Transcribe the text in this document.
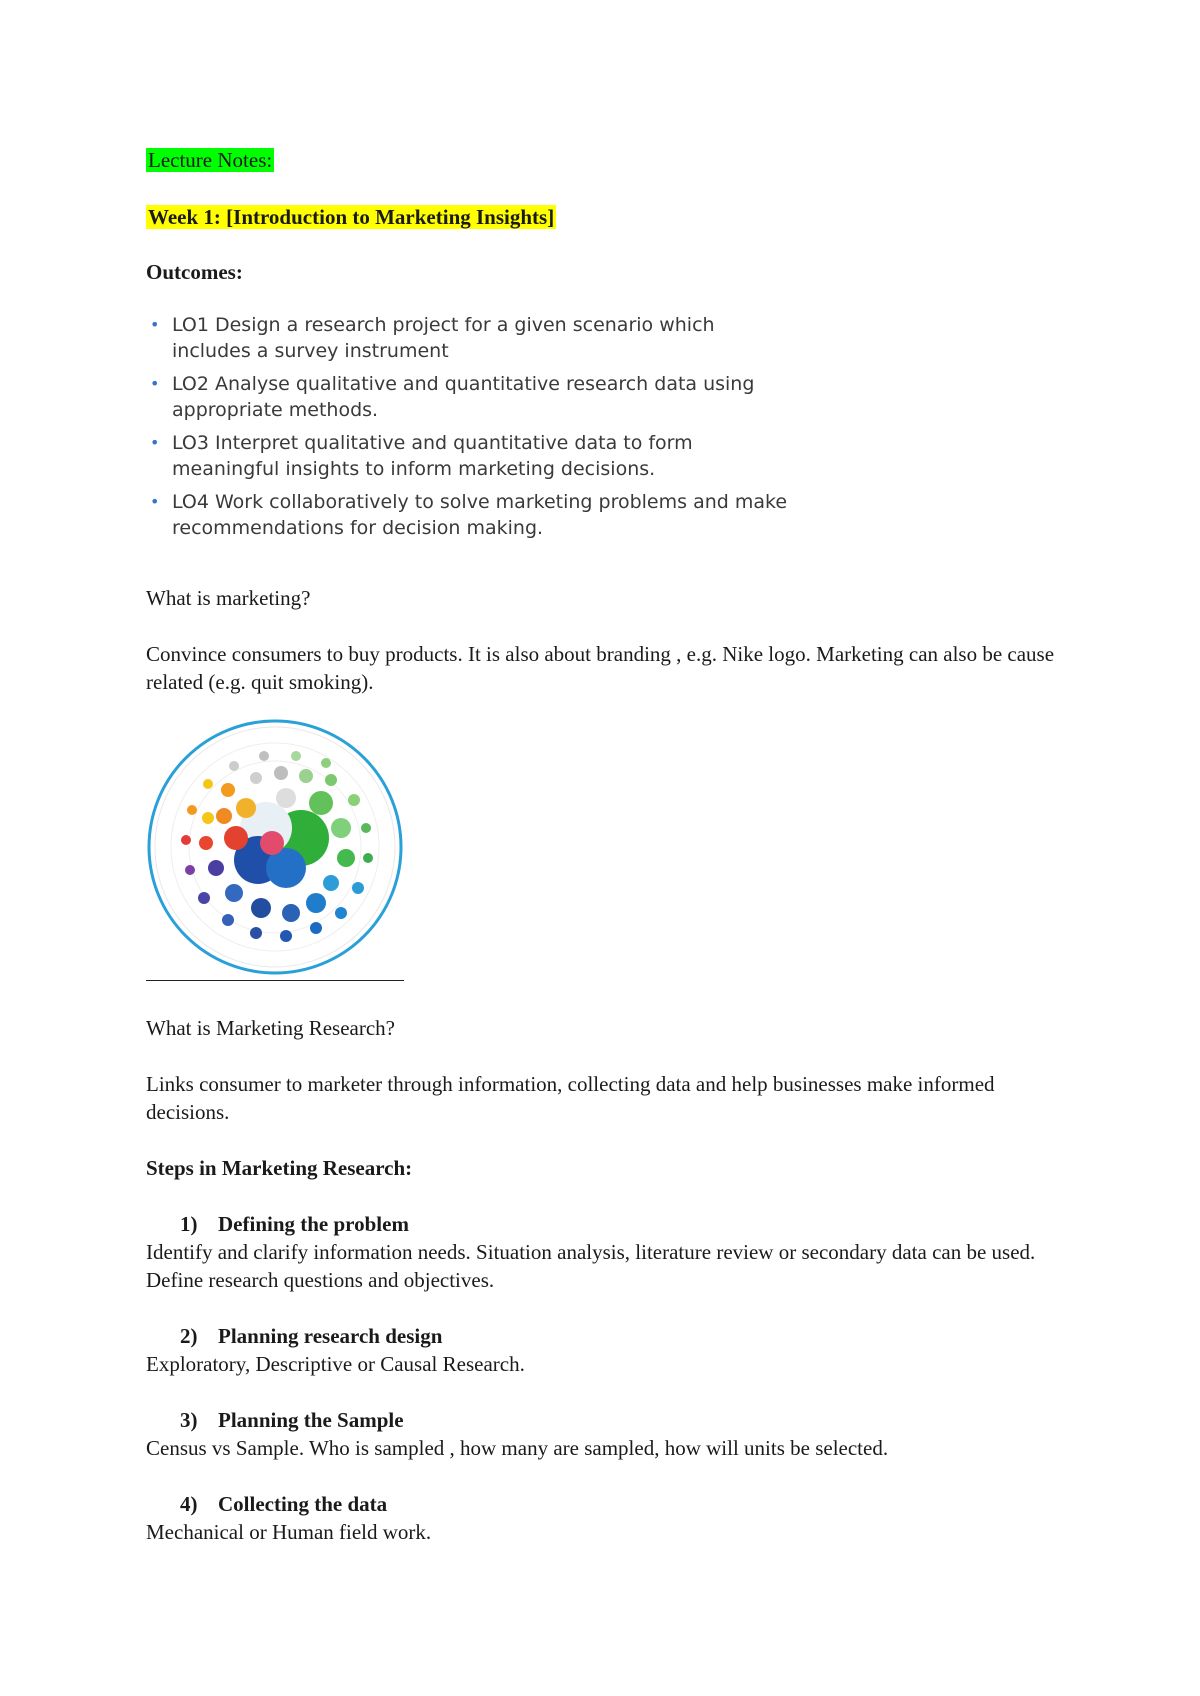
Lecture Notes:
Week 1: [Introduction to Marketing Insights]
Outcomes:
• LO1 Design a research project for a given scenario which includes a survey instrument
• LO2 Analyse qualitative and quantitative research data using appropriate methods.
• LO3 Interpret qualitative and quantitative data to form meaningful insights to inform marketing decisions.
• LO4 Work collaboratively to solve marketing problems and make recommendations for decision making.
What is marketing?
Convince consumers to buy products. It is also about branding , e.g. Nike logo. Marketing can also be cause related (e.g. quit smoking).
What is Marketing Research?
Links consumer to marketer through information, collecting data and help businesses make informed decisions.
Steps in Marketing Research:
1) Defining the problem
Identify and clarify information needs. Situation analysis, literature review or secondary data can be used. Define research questions and objectives.
2) Planning research design
Exploratory, Descriptive or Causal Research.
3) Planning the Sample
Census vs Sample. Who is sampled , how many are sampled, how will units be selected.
4) Collecting the data
Mechanical or Human field work.
